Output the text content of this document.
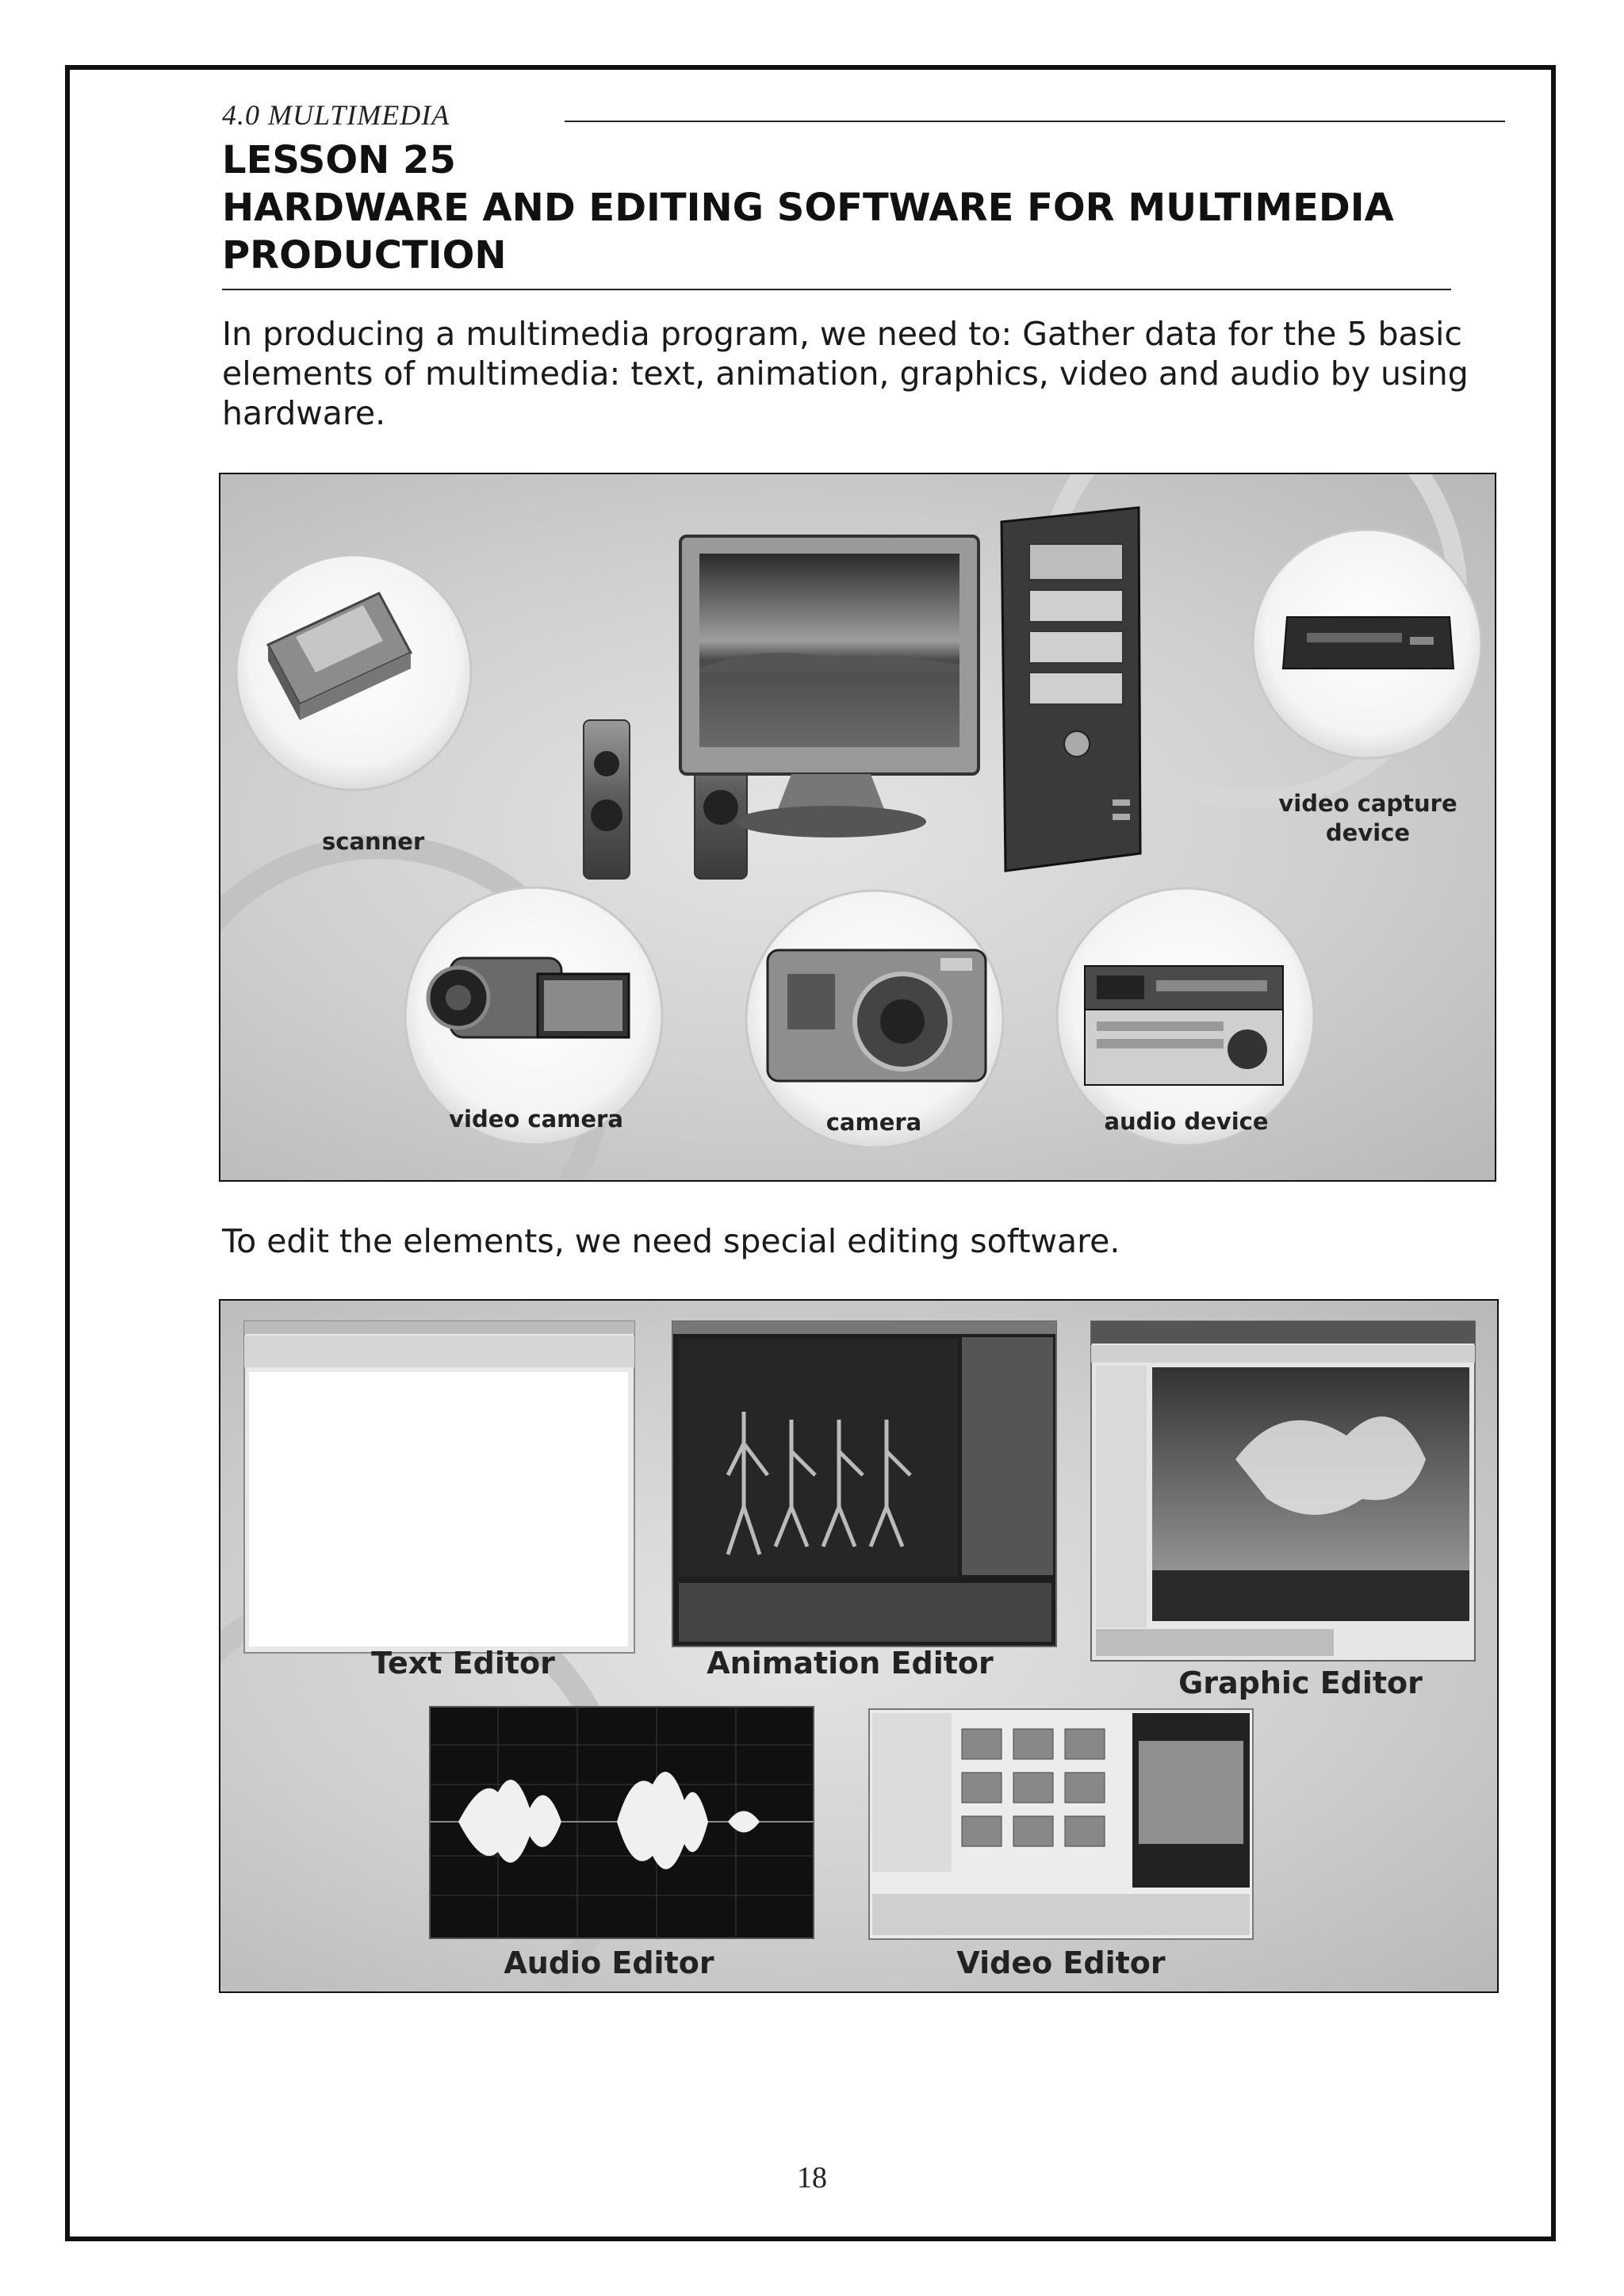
4.0 MULTIMEDIA
LESSON 25
HARDWARE AND EDITING SOFTWARE FOR MULTIMEDIA PRODUCTION

In producing a multimedia program, we need to: Gather data for the 5 basic elements of multimedia: text, animation, graphics, video and audio by using hardware.

scanner
video capture
device
video camera	camera	audio device

To edit the elements, we need special editing software.

Text Editor	Animation Editor
Graphic Editor
Audio Editor	Video Editor
18
